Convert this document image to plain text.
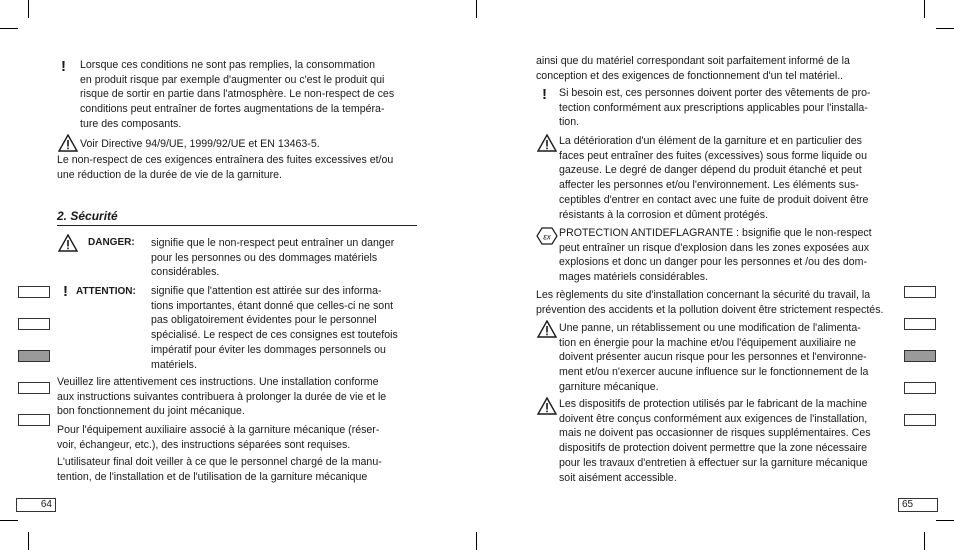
64	65
! Lorsque ces conditions ne sont pas remplies, la consommation
en produit risque par exemple d'augmenter ou c'est le produit qui
risque de sortir en partie dans l'atmosphère. Le non-respect de ces
conditions peut entraîner de fortes augmentations de la tempéra-
ture des composants.
Voir Directive 94/9/UE, 1999/92/UE et EN 13463-5.
Le non-respect de ces exigences entraînera des fuites excessives et/ou
une réduction de la durée de vie de la garniture.
2. Sécurité
DANGER: signifie que le non-respect peut entraîner un danger
pour les personnes ou des dommages matériels
considérables.
! ATTENTION: signifie que l'attention est attirée sur des informa-
tions importantes, étant donné que celles-ci ne sont
pas obligatoirement évidentes pour le personnel
spécialisé. Le respect de ces consignes est toutefois
impératif pour éviter les dommages personnels ou
matériels.
Veuillez lire attentivement ces instructions. Une installation conforme
aux instructions suivantes contribuera à prolonger la durée de vie et le
bon fonctionnement du joint mécanique.
Pour l'équipement auxiliaire associé à la garniture mécanique (réser-
voir, échangeur, etc.), des instructions séparées sont requises.
L'utilisateur final doit veiller à ce que le personnel chargé de la manu-
tention, de l'installation et de l'utilisation de la garniture mécanique
ainsi que du matériel correspondant soit parfaitement informé de la
conception et des exigences de fonctionnement d'un tel matériel..
! Si besoin est, ces personnes doivent porter des vêtements de pro-
tection conformément aux prescriptions applicables pour l'installa-
tion.
La détérioration d'un élément de la garniture et en particulier des
faces peut entraîner des fuites (excessives) sous forme liquide ou
gazeuse. Le degré de danger dépend du produit étanché et peut
affecter les personnes et/ou l'environnement. Les éléments sus-
ceptibles d'entrer en contact avec une fuite de produit doivent être
résistants à la corrosion et dûment protégés.
εx PROTECTION ANTIDEFLAGRANTE : bsignifie que le non-respect
peut entraîner un risque d'explosion dans les zones exposées aux
explosions et donc un danger pour les personnes et /ou des dom-
mages matériels considérables.
Les règlements du site d'installation concernant la sécurité du travail, la
prévention des accidents et la pollution doivent être strictement respectés.
Une panne, un rétablissement ou une modification de l'alimenta-
tion en énergie pour la machine et/ou l'équipement auxiliaire ne
doivent présenter aucun risque pour les personnes et l'environne-
ment et/ou n'exercer aucune influence sur le fonctionnement de la
garniture mécanique.
Les dispositifs de protection utilisés par le fabricant de la machine
doivent être conçus conformément aux exigences de l'installation,
mais ne doivent pas occasionner de risques supplémentaires. Ces
dispositifs de protection doivent permettre que la zone nécessaire
pour les travaux d'entretien à effectuer sur la garniture mécanique
soit aisément accessible.
